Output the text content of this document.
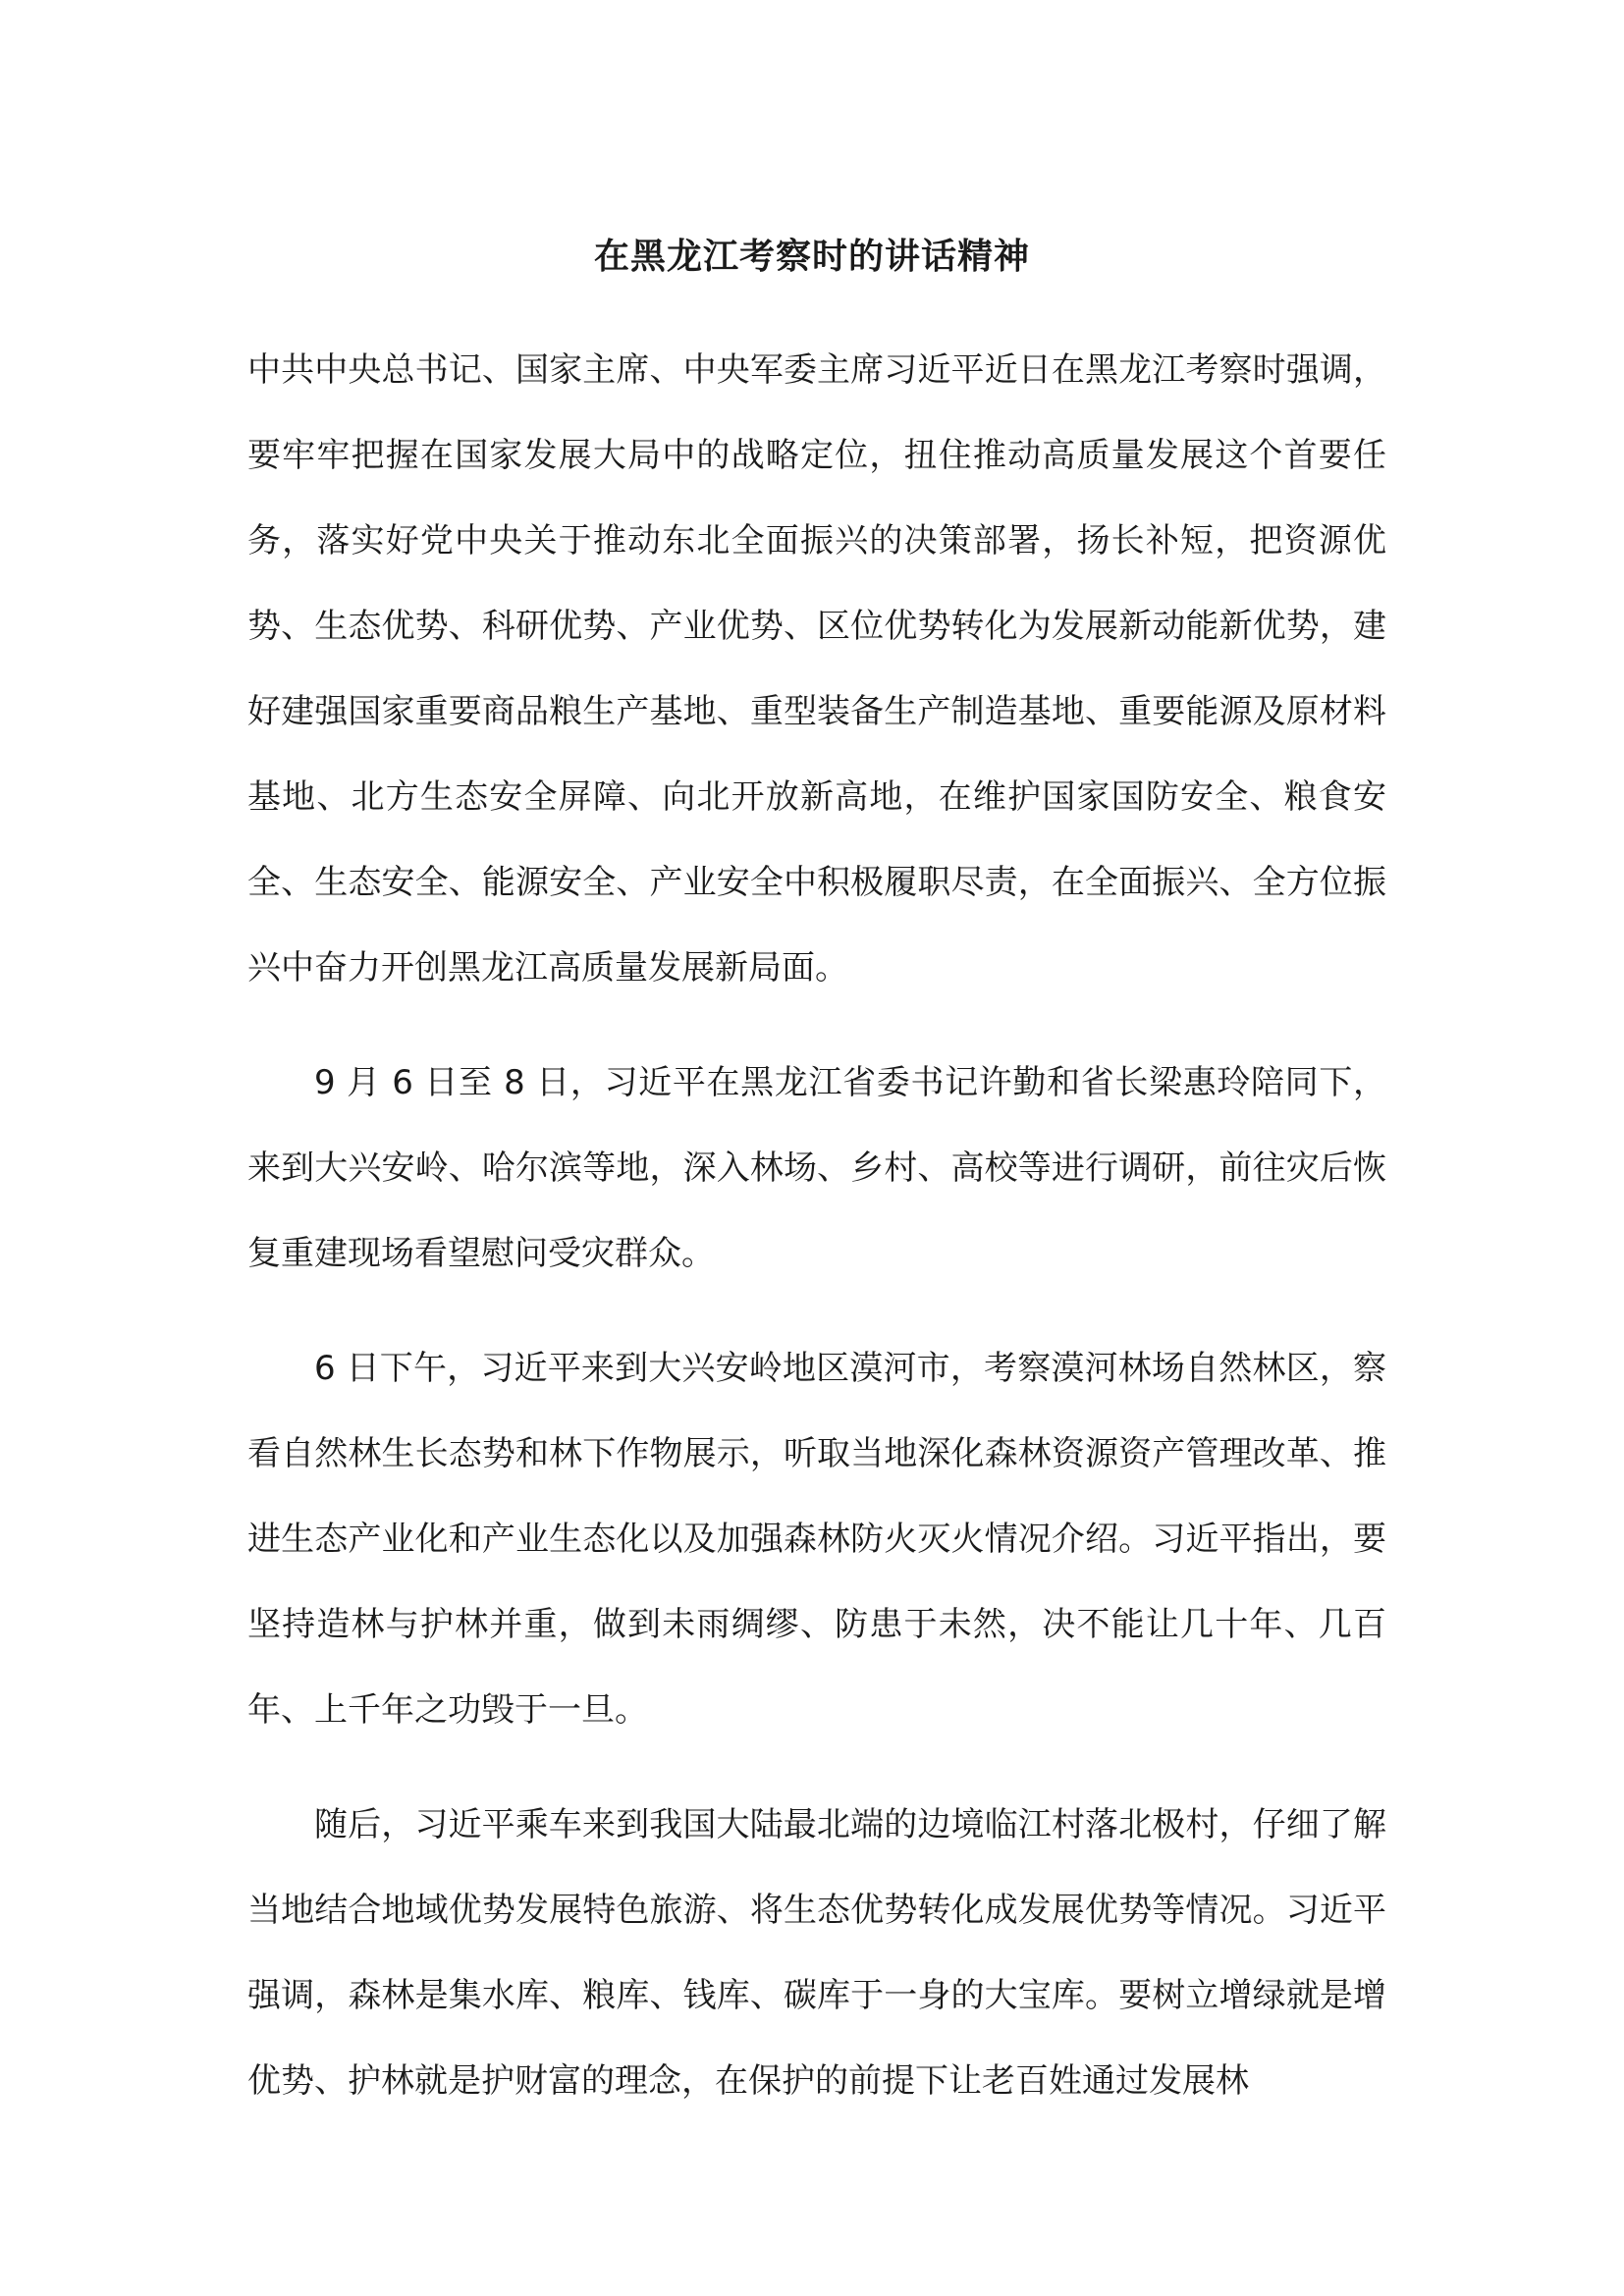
在黑龙江考察时的讲话精神

中共中央总书记、国家主席、中央军委主席习近平近日在黑龙江考察时强调，要牢牢把握在国家发展大局中的战略定位，扭住推动高质量发展这个首要任务，落实好党中央关于推动东北全面振兴的决策部署，扬长补短，把资源优势、生态优势、科研优势、产业优势、区位优势转化为发展新动能新优势，建好建强国家重要商品粮生产基地、重型装备生产制造基地、重要能源及原材料基地、北方生态安全屏障、向北开放新高地，在维护国家国防安全、粮食安全、生态安全、能源安全、产业安全中积极履职尽责，在全面振兴、全方位振兴中奋力开创黑龙江高质量发展新局面。

9 月 6 日至 8 日，习近平在黑龙江省委书记许勤和省长梁惠玲陪同下，来到大兴安岭、哈尔滨等地，深入林场、乡村、高校等进行调研，前往灾后恢复重建现场看望慰问受灾群众。

6 日下午，习近平来到大兴安岭地区漠河市，考察漠河林场自然林区，察看自然林生长态势和林下作物展示，听取当地深化森林资源资产管理改革、推进生态产业化和产业生态化以及加强森林防火灭火情况介绍。习近平指出，要坚持造林与护林并重，做到未雨绸缪、防患于未然，决不能让几十年、几百年、上千年之功毁于一旦。

随后，习近平乘车来到我国大陆最北端的边境临江村落北极村，仔细了解当地结合地域优势发展特色旅游、将生态优势转化成发展优势等情况。习近平强调，森林是集水库、粮库、钱库、碳库于一身的大宝库。要树立增绿就是增优势、护林就是护财富的理念，在保护的前提下让老百姓通过发展林
